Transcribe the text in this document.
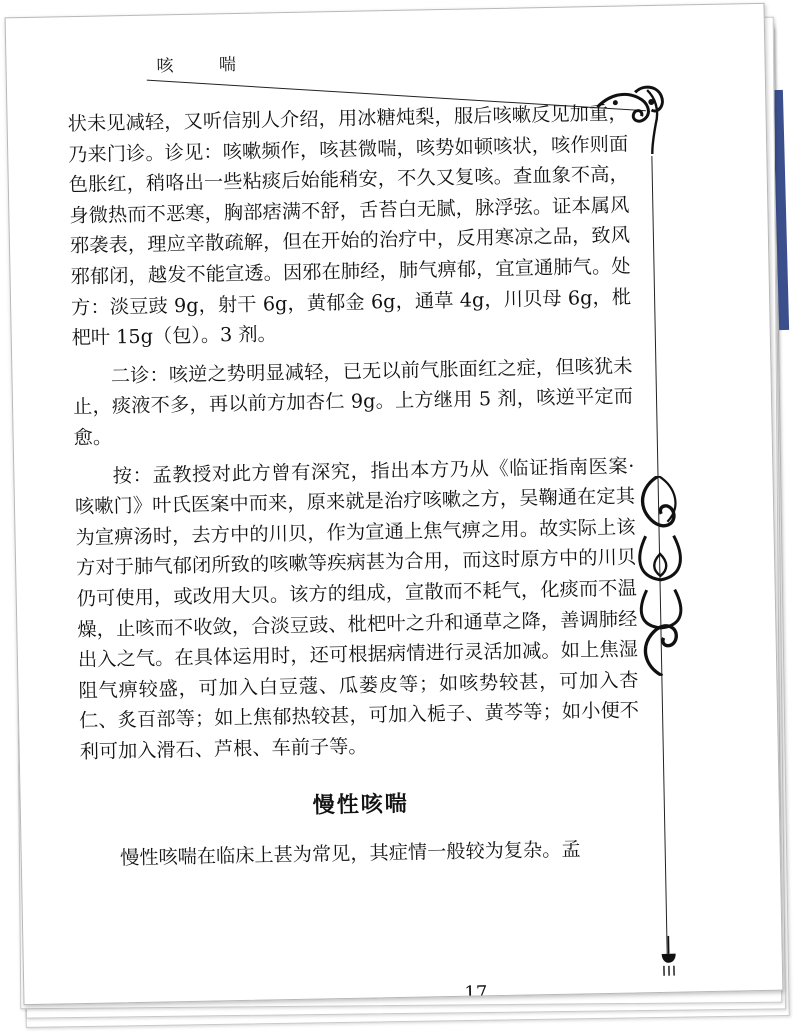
咳 喘

状未见减轻，又听信别人介绍，用冰糖炖梨，服后咳嗽反见加重，乃来门诊。诊见：咳嗽频作，咳甚微喘，咳势如顿咳状，咳作则面色胀红，稍咯出一些粘痰后始能稍安，不久又复咳。查血象不高，身微热而不恶寒，胸部痞满不舒，舌苔白无腻，脉浮弦。证本属风邪袭表，理应辛散疏解，但在开始的治疗中，反用寒凉之品，致风邪郁闭，越发不能宣透。因邪在肺经，肺气痹郁，宜宣通肺气。处方：淡豆豉 9g，射干 6g，黄郁金 6g，通草 4g，川贝母 6g，枇杷叶 15g（包）。3 剂。

二诊：咳逆之势明显减轻，已无以前气胀面红之症，但咳犹未止，痰液不多，再以前方加杏仁 9g。上方继用 5 剂，咳逆平定而愈。

按：孟教授对此方曾有深究，指出本方乃从《临证指南医案·咳嗽门》叶氏医案中而来，原来就是治疗咳嗽之方，吴鞠通在定其为宣痹汤时，去方中的川贝，作为宣通上焦气痹之用。故实际上该方对于肺气郁闭所致的咳嗽等疾病甚为合用，而这时原方中的川贝仍可使用，或改用大贝。该方的组成，宣散而不耗气，化痰而不温燥，止咳而不收敛，合淡豆豉、枇杷叶之升和通草之降，善调肺经出入之气。在具体运用时，还可根据病情进行灵活加减。如上焦湿阻气痹较盛，可加入白豆蔻、瓜蒌皮等；如咳势较甚，可加入杏仁、炙百部等；如上焦郁热较甚，可加入栀子、黄芩等；如小便不利可加入滑石、芦根、车前子等。

慢性咳喘

慢性咳喘在临床上甚为常见，其症情一般较为复杂。孟

17
